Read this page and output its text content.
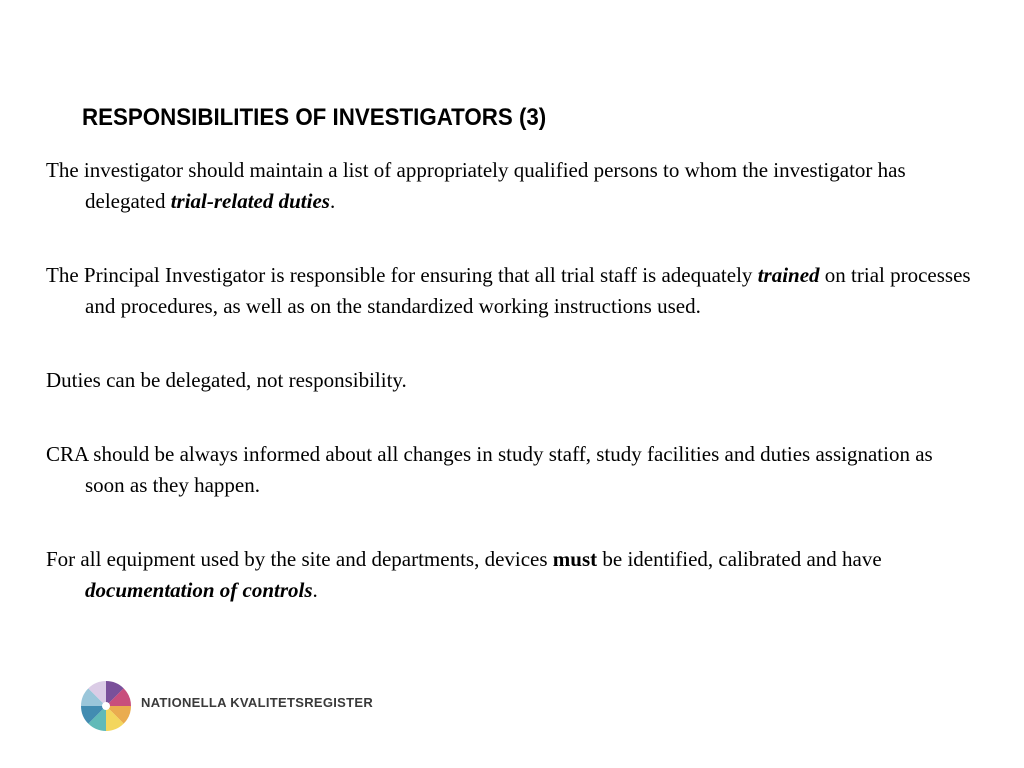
RESPONSIBILITIES OF INVESTIGATORS (3)

The investigator should maintain a list of appropriately qualified persons to whom the investigator has delegated trial-related duties.

The Principal Investigator is responsible for ensuring that all trial staff is adequately trained on trial processes and procedures, as well as on the standardized working instructions used.

Duties can be delegated, not responsibility.

CRA should be always informed about all changes in study staff, study facilities and duties assignation as soon as they happen.

For all equipment used by the site and departments, devices must be identified, calibrated and have documentation of controls.

NATIONELLA KVALITETSREGISTER
